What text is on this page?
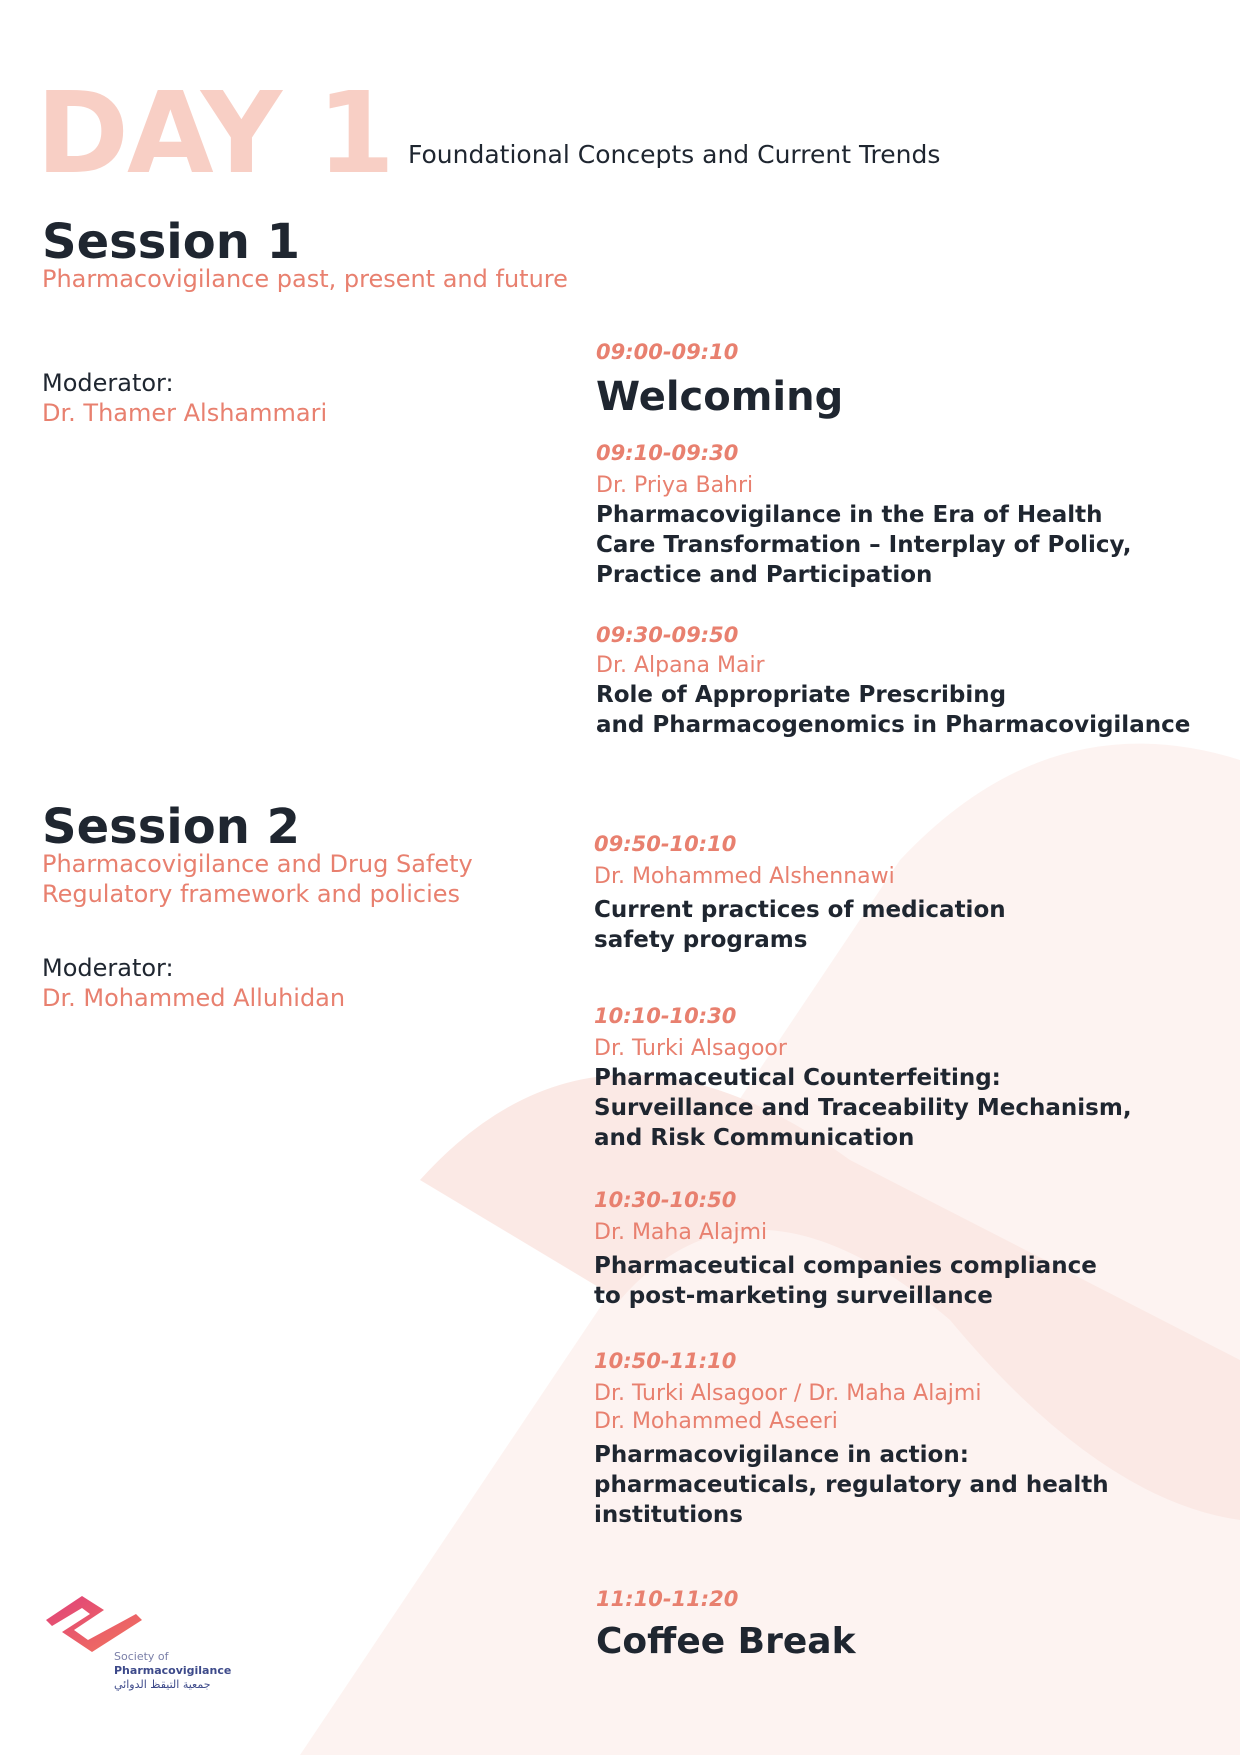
DAY 1 Foundational Concepts and Current Trends
Session 1
Pharmacovigilance past, present and future
Moderator:
Dr. Thamer Alshammari
Session 2
Pharmacovigilance and Drug Safety
Regulatory framework and policies
Moderator:
Dr. Mohammed Alluhidan
09:00-09:10
Welcoming
09:10-09:30
Dr. Priya Bahri
Pharmacovigilance in the Era of Health
Care Transformation – Interplay of Policy,
Practice and Participation
09:30-09:50
Dr. Alpana Mair
Role of Appropriate Prescribing
and Pharmacogenomics in Pharmacovigilance
09:50-10:10
Dr. Mohammed Alshennawi
Current practices of medication
safety programs
10:10-10:30
Dr. Turki Alsagoor
Pharmaceutical Counterfeiting:
Surveillance and Traceability Mechanism,
and Risk Communication
10:30-10:50
Dr. Maha Alajmi
Pharmaceutical companies compliance
to post-marketing surveillance
10:50-11:10
Dr. Turki Alsagoor / Dr. Maha Alajmi
Dr. Mohammed Aseeri
Pharmacovigilance in action:
pharmaceuticals, regulatory and health
institutions
11:10-11:20
Coffee Break
Society of
Pharmacovigilance
جمعية التيقظ الدوائي
